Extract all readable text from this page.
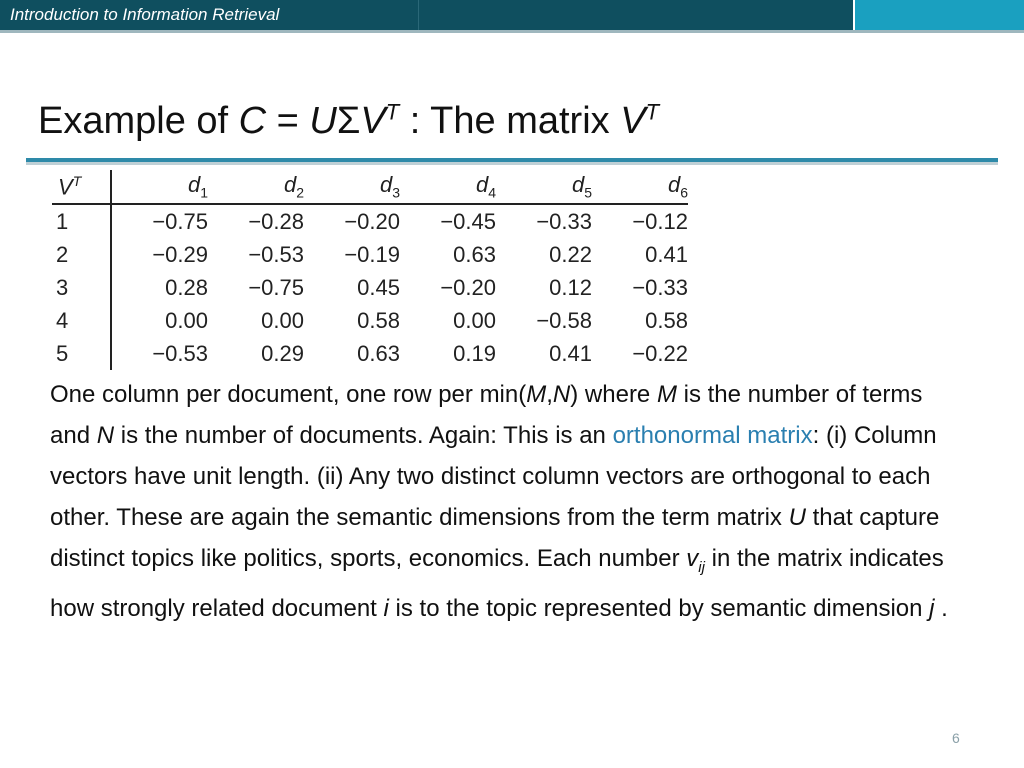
Introduction to Information Retrieval
Example of $C = U\Sigma V^T$ : The matrix $V^T$
$V^T$	$d_1$	$d_2$	$d_3$	$d_4$	$d_5$	$d_6$
1	−0.75	−0.28	−0.20	−0.45	−0.33	−0.12
2	−0.29	−0.53	−0.19	0.63	0.22	0.41
3	0.28	−0.75	0.45	−0.20	0.12	−0.33
4	0.00	0.00	0.58	0.00	−0.58	0.58
5	−0.53	0.29	0.63	0.19	0.41	−0.22
One column per document, one row per min(M,N) where M is the number of terms and N is the number of documents. Again: This is an orthonormal matrix: (i) Column vectors have unit length. (ii) Any two distinct column vectors are orthogonal to each other. These are again the semantic dimensions from the term matrix U that capture distinct topics like politics, sports, economics. Each number $v_{ij}$ in the matrix indicates how strongly related document i is to the topic represented by semantic dimension j .
6
